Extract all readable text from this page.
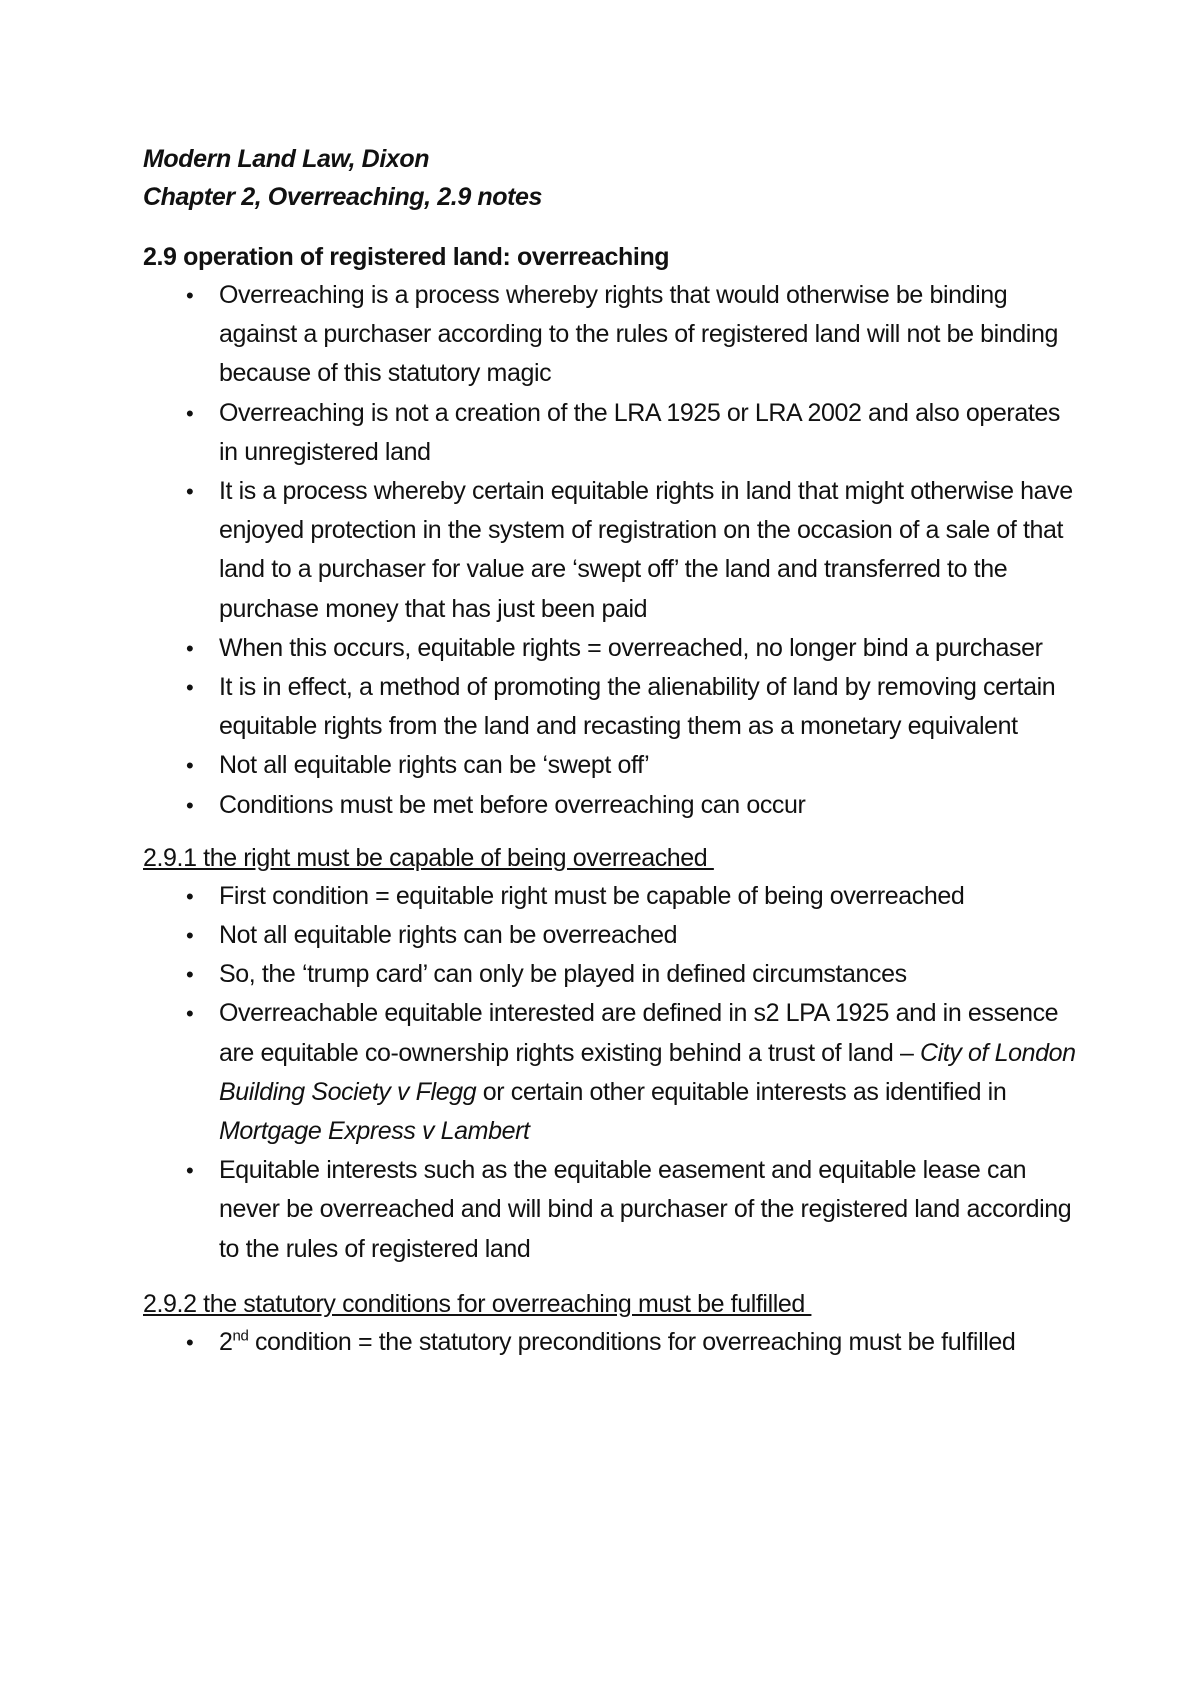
Modern Land Law, Dixon
Chapter 2, Overreaching, 2.9 notes
2.9 operation of registered land: overreaching
• Overreaching is a process whereby rights that would otherwise be binding against a purchaser according to the rules of registered land will not be binding because of this statutory magic
• Overreaching is not a creation of the LRA 1925 or LRA 2002 and also operates in unregistered land
• It is a process whereby certain equitable rights in land that might otherwise have enjoyed protection in the system of registration on the occasion of a sale of that land to a purchaser for value are ‘swept off’ the land and transferred to the purchase money that has just been paid
• When this occurs, equitable rights = overreached, no longer bind a purchaser
• It is in effect, a method of promoting the alienability of land by removing certain equitable rights from the land and recasting them as a monetary equivalent
• Not all equitable rights can be ‘swept off’
• Conditions must be met before overreaching can occur
2.9.1 the right must be capable of being overreached
• First condition = equitable right must be capable of being overreached
• Not all equitable rights can be overreached
• So, the ‘trump card’ can only be played in defined circumstances
• Overreachable equitable interested are defined in s2 LPA 1925 and in essence are equitable co-ownership rights existing behind a trust of land – City of London Building Society v Flegg or certain other equitable interests as identified in Mortgage Express v Lambert
• Equitable interests such as the equitable easement and equitable lease can never be overreached and will bind a purchaser of the registered land according to the rules of registered land
2.9.2 the statutory conditions for overreaching must be fulfilled
• 2nd condition = the statutory preconditions for overreaching must be fulfilled
